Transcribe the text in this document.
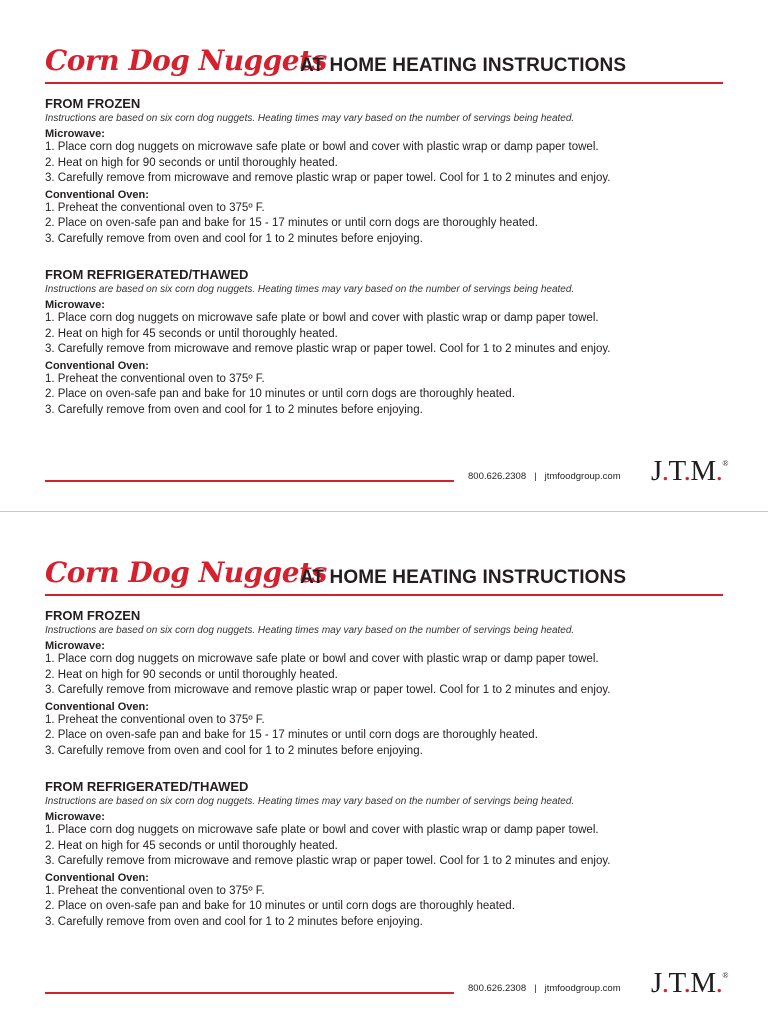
Corn Dog Nuggets
AT HOME HEATING INSTRUCTIONS
FROM FROZEN
Instructions are based on six corn dog nuggets. Heating times may vary based on the number of servings being heated.
Microwave:
1. Place corn dog nuggets on microwave safe plate or bowl and cover with plastic wrap or damp paper towel.
2. Heat on high for 90 seconds or until thoroughly heated.
3. Carefully remove from microwave and remove plastic wrap or paper towel. Cool for 1 to 2 minutes and enjoy.
Conventional Oven:
1. Preheat the conventional oven to 375º F.
2. Place on oven-safe pan and bake for 15 - 17 minutes or until corn dogs are thoroughly heated.
3. Carefully remove from oven and cool for 1 to 2 minutes before enjoying.
FROM REFRIGERATED/THAWED
Instructions are based on six corn dog nuggets. Heating times may vary based on the number of servings being heated.
Microwave:
1. Place corn dog nuggets on microwave safe plate or bowl and cover with plastic wrap or damp paper towel.
2. Heat on high for 45 seconds or until thoroughly heated.
3. Carefully remove from microwave and remove plastic wrap or paper towel. Cool for 1 to 2 minutes and enjoy.
Conventional Oven:
1. Preheat the conventional oven to 375º F.
2. Place on oven-safe pan and bake for 10 minutes or until corn dogs are thoroughly heated.
3. Carefully remove from oven and cool for 1 to 2 minutes before enjoying.
800.626.2308 | jtmfoodgroup.com J.T.M.®
Corn Dog Nuggets
AT HOME HEATING INSTRUCTIONS
FROM FROZEN
Instructions are based on six corn dog nuggets. Heating times may vary based on the number of servings being heated.
Microwave:
1. Place corn dog nuggets on microwave safe plate or bowl and cover with plastic wrap or damp paper towel.
2. Heat on high for 90 seconds or until thoroughly heated.
3. Carefully remove from microwave and remove plastic wrap or paper towel. Cool for 1 to 2 minutes and enjoy.
Conventional Oven:
1. Preheat the conventional oven to 375º F.
2. Place on oven-safe pan and bake for 15 - 17 minutes or until corn dogs are thoroughly heated.
3. Carefully remove from oven and cool for 1 to 2 minutes before enjoying.
FROM REFRIGERATED/THAWED
Instructions are based on six corn dog nuggets. Heating times may vary based on the number of servings being heated.
Microwave:
1. Place corn dog nuggets on microwave safe plate or bowl and cover with plastic wrap or damp paper towel.
2. Heat on high for 45 seconds or until thoroughly heated.
3. Carefully remove from microwave and remove plastic wrap or paper towel. Cool for 1 to 2 minutes and enjoy.
Conventional Oven:
1. Preheat the conventional oven to 375º F.
2. Place on oven-safe pan and bake for 10 minutes or until corn dogs are thoroughly heated.
3. Carefully remove from oven and cool for 1 to 2 minutes before enjoying.
800.626.2308 | jtmfoodgroup.com J.T.M.®
